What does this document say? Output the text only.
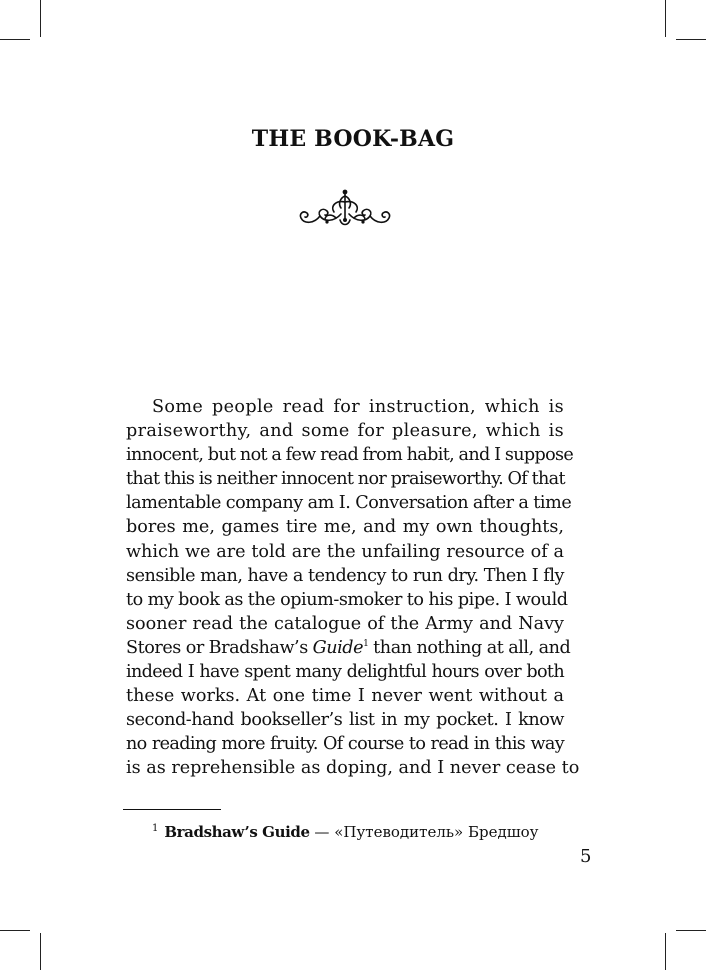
THE BOOK-BAG
Some people read for instruction, which is
praiseworthy, and some for pleasure, which is
innocent, but not a few read from habit, and I suppose
that this is neither innocent nor praiseworthy. Of that
lamentable company am I. Conversation after a time
bores me, games tire me, and my own thoughts,
which we are told are the unfailing resource of a
sensible man, have a tendency to run dry. Then I fly
to my book as the opium-smoker to his pipe. I would
sooner read the catalogue of the Army and Navy
Stores or Bradshaw’s Guide$^1$ than nothing at all, and
indeed I have spent many delightful hours over both
these works. At one time I never went without a
second-hand bookseller’s list in my pocket. I know
no reading more fruity. Of course to read in this way
is as reprehensible as doping, and I never cease to
$^1$ Bradshaw’s Guide — «Путеводитель» Бредшоу
5
